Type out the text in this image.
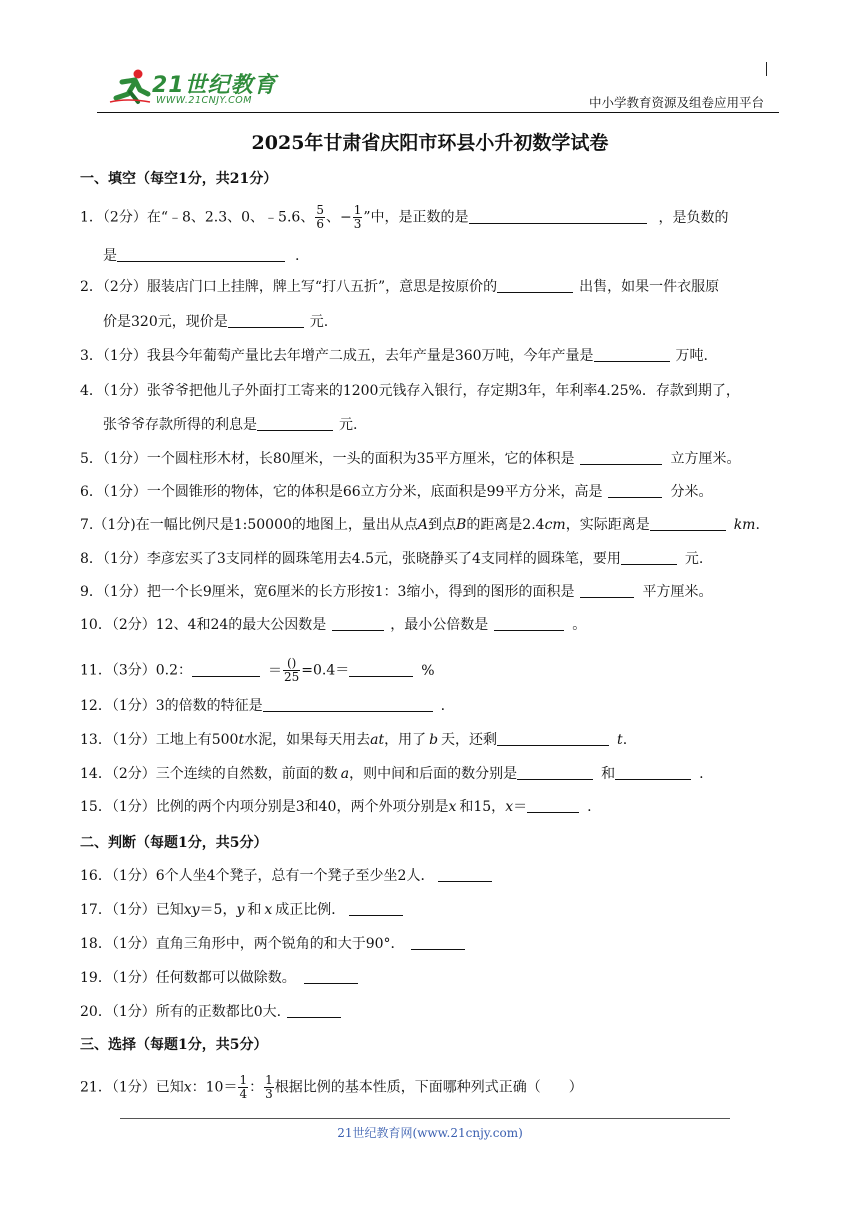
21世纪教育
WWW.21CNJY.COM	中小学教育资源及组卷应用平台
2025年甘肃省庆阳市环县小升初数学试卷
一、填空（每空1分，共21分）
1．（2分）在“﹣8、2.3、0、﹣5.6、 $\frac{5}{6}$ 、− $\frac{1}{3}$ ”中，是正数的是	，是负数的
是	.
2．（2分）服装店门口上挂牌，牌上写“打八五折”，意思是按原价的	出售，如果一件衣服原
价是320元，现价是	元.
3．（1分）我县今年葡萄产量比去年增产二成五，去年产量是360万吨，今年产量是	万吨.
4．（1分）张爷爷把他儿子外面打工寄来的1200元钱存入银行，存定期3年，年利率4.25%．存款到期了，
张爷爷存款所得的利息是	元.
5．（1分）一个圆柱形木材，长80厘米，一头的面积为35平方厘米，它的体积是	立方厘米。
6．（1分）一个圆锥形的物体，它的体积是66立方分米，底面积是99平方分米，高是	分米。
7.（1分)在一幅比例尺是1:50000的地图上，量出从点A到点B的距离是2.4cm，实际距离是	km.
8．（1分）李彦宏买了3支同样的圆珠笔用去4.5元，张晓静买了4支同样的圆珠笔，要用	元.
9．（1分）把一个长9厘米，宽6厘米的长方形按1：3缩小，得到的图形的面积是	平方厘米。
10．（2分）12、4和24的最大公因数是	，最小公倍数是	。
11．（3分）0.2：	＝ $\frac{()}{25} =0.4=$	%
12．（1分）3的倍数的特征是	.
13．（1分）工地上有500t水泥，如果每天用去at，用了 b 天，还剩	t.
14．（2分）三个连续的自然数，前面的数 a，则中间和后面的数分别是	和	.
15．（1分）比例的两个内项分别是3和40，两个外项分别是x 和15，x＝	.
二、判断（每题1分，共5分）
16．（1分）6个人坐4个凳子，总有一个凳子至少坐2人．
17．（1分）已知xy＝5，y 和 x 成正比例．
18．（1分）直角三角形中，两个锐角的和大于90°．
19．（1分）任何数都可以做除数。
20．（1分）所有的正数都比0大.
三、选择（每题1分，共5分）
21．（1分）已知x：$10= \frac{1}{4}$ ： $\frac{1}{3}$ 根据比例的基本性质，下面哪种列式正确（　　）
21世纪教育网(www.21cnjy.com)
